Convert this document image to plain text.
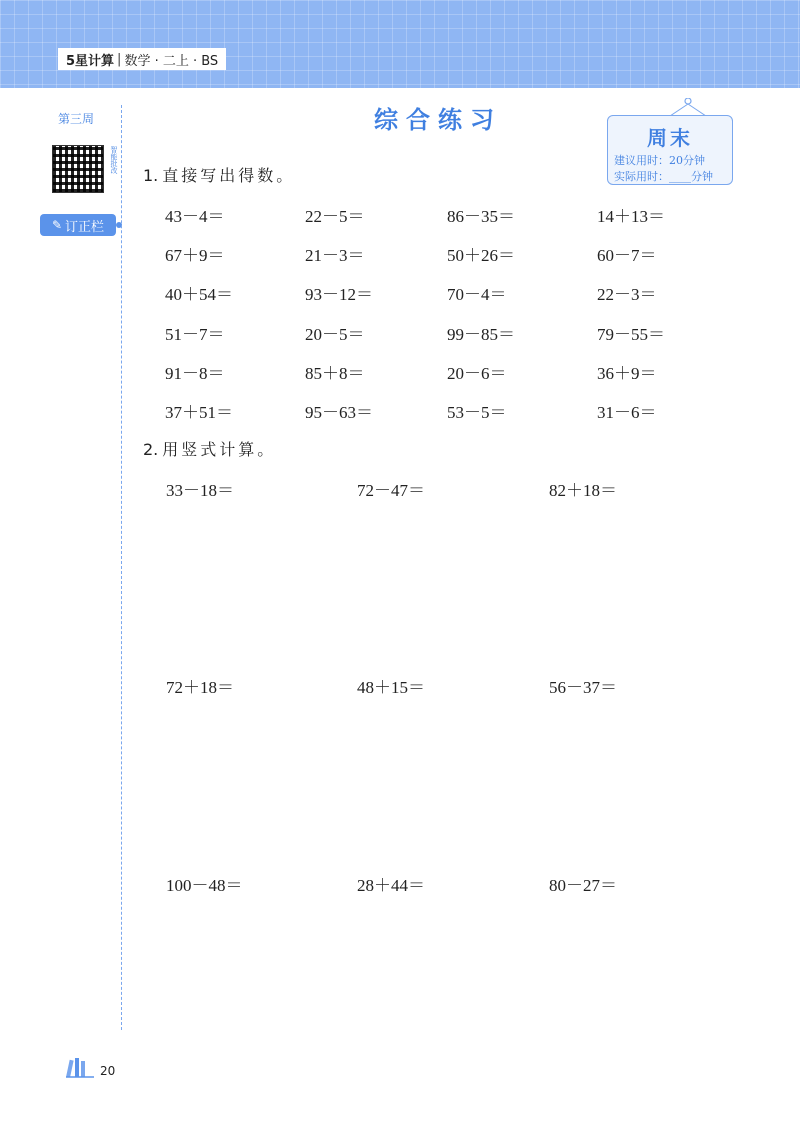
5星计算 | 数学 · 二上 · BS
第三周
智能批改
✎ 订正栏
综合练习
周末
建议用时：20分钟
实际用时：____分钟
1. 直接写出得数。
43－4＝	22－5＝	86－35＝	14＋13＝
67＋9＝	21－3＝	50＋26＝	60－7＝
40＋54＝	93－12＝	70－4＝	22－3＝
51－7＝	20－5＝	99－85＝	79－55＝
91－8＝	85＋8＝	20－6＝	36＋9＝
37＋51＝	95－63＝	53－5＝	31－6＝
2. 用竖式计算。
33－18＝	72－47＝	82＋18＝
72＋18＝	48＋15＝	56－37＝
100－48＝	28＋44＝	80－27＝
20
